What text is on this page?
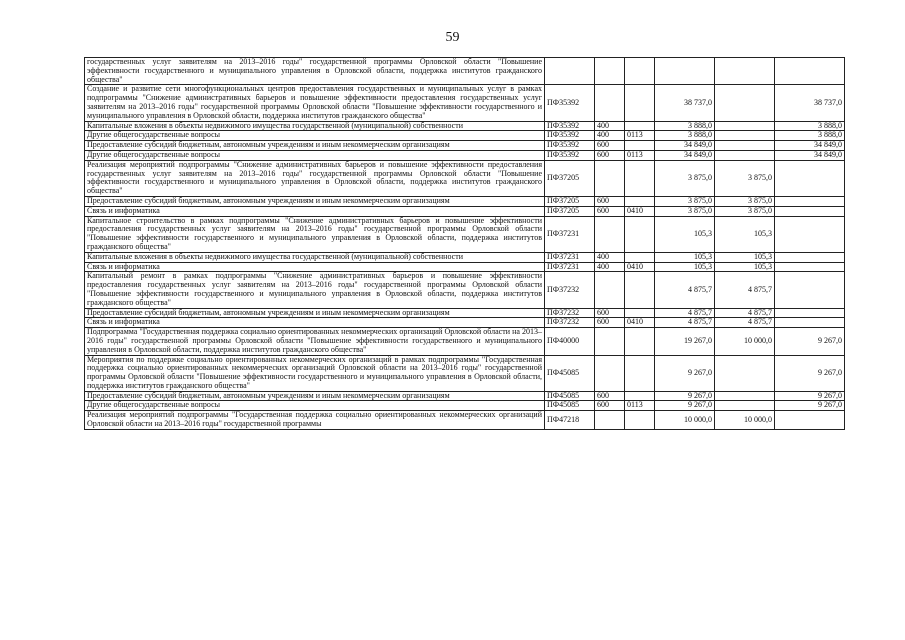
59
государственных услуг заявителям на 2013–2016 годы" государственной программы Орловской области "Повышение эффективности государственного и муниципального управления в Орловской области, поддержка институтов гражданского общества"						
Создание и развитие сети многофункциональных центров предоставления государственных и муниципальных услуг в рамках подпрограммы "Снижение административных барьеров и повышение эффективности предоставления государственных услуг заявителям на 2013–2016 годы" государственной программы Орловской области "Повышение эффективности государственного и муниципального управления в Орловской области, поддержка институтов гражданского общества"	ПФ35392			38 737,0		38 737,0
Капитальные вложения в объекты недвижимого имущества государственной (муниципальной) собственности	ПФ35392	400		3 888,0		3 888,0
Другие общегосударственные вопросы	ПФ35392	400	0113	3 888,0		3 888,0
Предоставление субсидий бюджетным, автономным учреждениям и иным некоммерческим организациям	ПФ35392	600		34 849,0		34 849,0
Другие общегосударственные вопросы	ПФ35392	600	0113	34 849,0		34 849,0
Реализация мероприятий подпрограммы "Снижение административных барьеров и повышение эффективности предоставления государственных услуг заявителям на 2013–2016 годы" государственной программы Орловской области "Повышение эффективности государственного и муниципального управления в Орловской области, поддержка институтов гражданского общества"	ПФ37205			3 875,0	3 875,0	
Предоставление субсидий бюджетным, автономным учреждениям и иным некоммерческим организациям	ПФ37205	600		3 875,0	3 875,0	
Связь и информатика	ПФ37205	600	0410	3 875,0	3 875,0	
Капитальное строительство в рамках подпрограммы "Снижение административных барьеров и повышение эффективности предоставления государственных услуг заявителям на 2013–2016 годы" государственной программы Орловской области "Повышение эффективности государственного и муниципального управления в Орловской области, поддержка институтов гражданского общества"	ПФ37231			105,3	105,3	
Капитальные вложения в объекты недвижимого имущества государственной (муниципальной) собственности	ПФ37231	400		105,3	105,3	
Связь и информатика	ПФ37231	400	0410	105,3	105,3	
Капитальный ремонт в рамках подпрограммы "Снижение административных барьеров и повышение эффективности предоставления государственных услуг заявителям на 2013–2016 годы" государственной программы Орловской области "Повышение эффективности государственного и муниципального управления в Орловской области, поддержка институтов гражданского общества"	ПФ37232			4 875,7	4 875,7	
Предоставление субсидий бюджетным, автономным учреждениям и иным некоммерческим организациям	ПФ37232	600		4 875,7	4 875,7	
Связь и информатика	ПФ37232	600	0410	4 875,7	4 875,7	
Подпрограмма "Государственная поддержка социально ориентированных некоммерческих организаций Орловской области на 2013–2016 годы" государственной программы Орловской области "Повышение эффективности государственного и муниципального управления в Орловской области, поддержка институтов гражданского общества"	ПФ40000			19 267,0	10 000,0	9 267,0
Мероприятия по поддержке социально ориентированных некоммерческих организаций в рамках подпрограммы "Государственная поддержка социально ориентированных некоммерческих организаций Орловской области на 2013–2016 годы" государственной программы Орловской области "Повышение эффективности государственного и муниципального управления в Орловской области, поддержка институтов гражданского общества"	ПФ45085			9 267,0		9 267,0
Предоставление субсидий бюджетным, автономным учреждениям и иным некоммерческим организациям	ПФ45085	600		9 267,0		9 267,0
Другие общегосударственные вопросы	ПФ45085	600	0113	9 267,0		9 267,0
Реализация мероприятий подпрограммы "Государственная поддержка социально ориентированных некоммерческих организаций Орловской области на 2013–2016 годы" государственной программы	ПФ47218			10 000,0	10 000,0	
